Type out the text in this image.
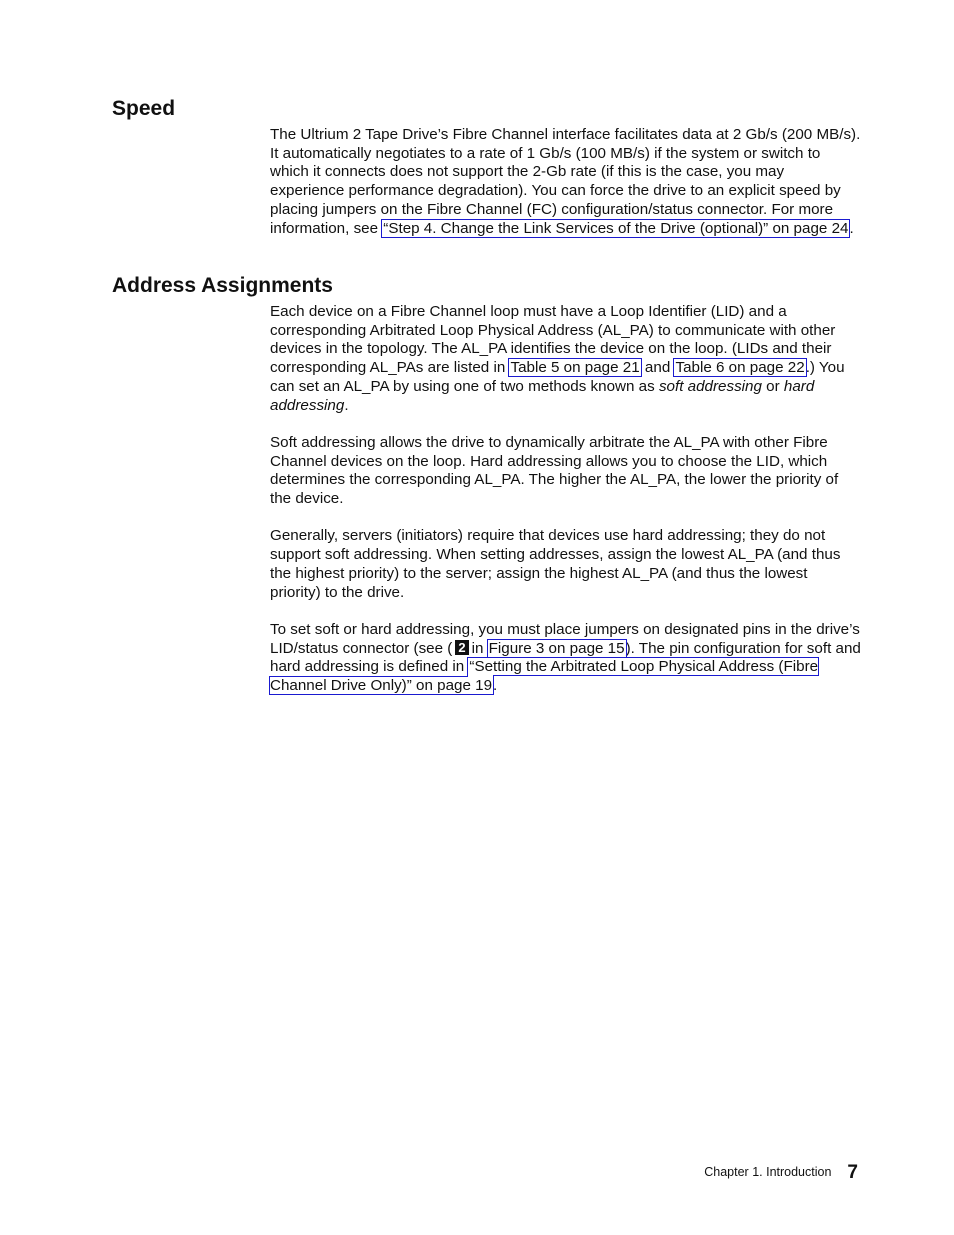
Speed

The Ultrium 2 Tape Drive’s Fibre Channel interface facilitates data at 2 Gb/s (200 MB/s). It automatically negotiates to a rate of 1 Gb/s (100 MB/s) if the system or switch to which it connects does not support the 2-Gb rate (if this is the case, you may experience performance degradation). You can force the drive to an explicit speed by placing jumpers on the Fibre Channel (FC) configuration/status connector. For more information, see “Step 4. Change the Link Services of the Drive (optional)” on page 24.

Address Assignments

Each device on a Fibre Channel loop must have a Loop Identifier (LID) and a corresponding Arbitrated Loop Physical Address (AL_PA) to communicate with other devices in the topology. The AL_PA identifies the device on the loop. (LIDs and their corresponding AL_PAs are listed in Table 5 on page 21 and Table 6 on page 22.) You can set an AL_PA by using one of two methods known as soft addressing or hard addressing.

Soft addressing allows the drive to dynamically arbitrate the AL_PA with other Fibre Channel devices on the loop. Hard addressing allows you to choose the LID, which determines the corresponding AL_PA. The higher the AL_PA, the lower the priority of the device.

Generally, servers (initiators) require that devices use hard addressing; they do not support soft addressing. When setting addresses, assign the lowest AL_PA (and thus the highest priority) to the server; assign the highest AL_PA (and thus the lowest priority) to the drive.

To set soft or hard addressing, you must place jumpers on designated pins in the drive’s LID/status connector (see ( 2 in Figure 3 on page 15). The pin configuration for soft and hard addressing is defined in “Setting the Arbitrated Loop Physical Address (Fibre Channel Drive Only)” on page 19.

Chapter 1. Introduction 7
